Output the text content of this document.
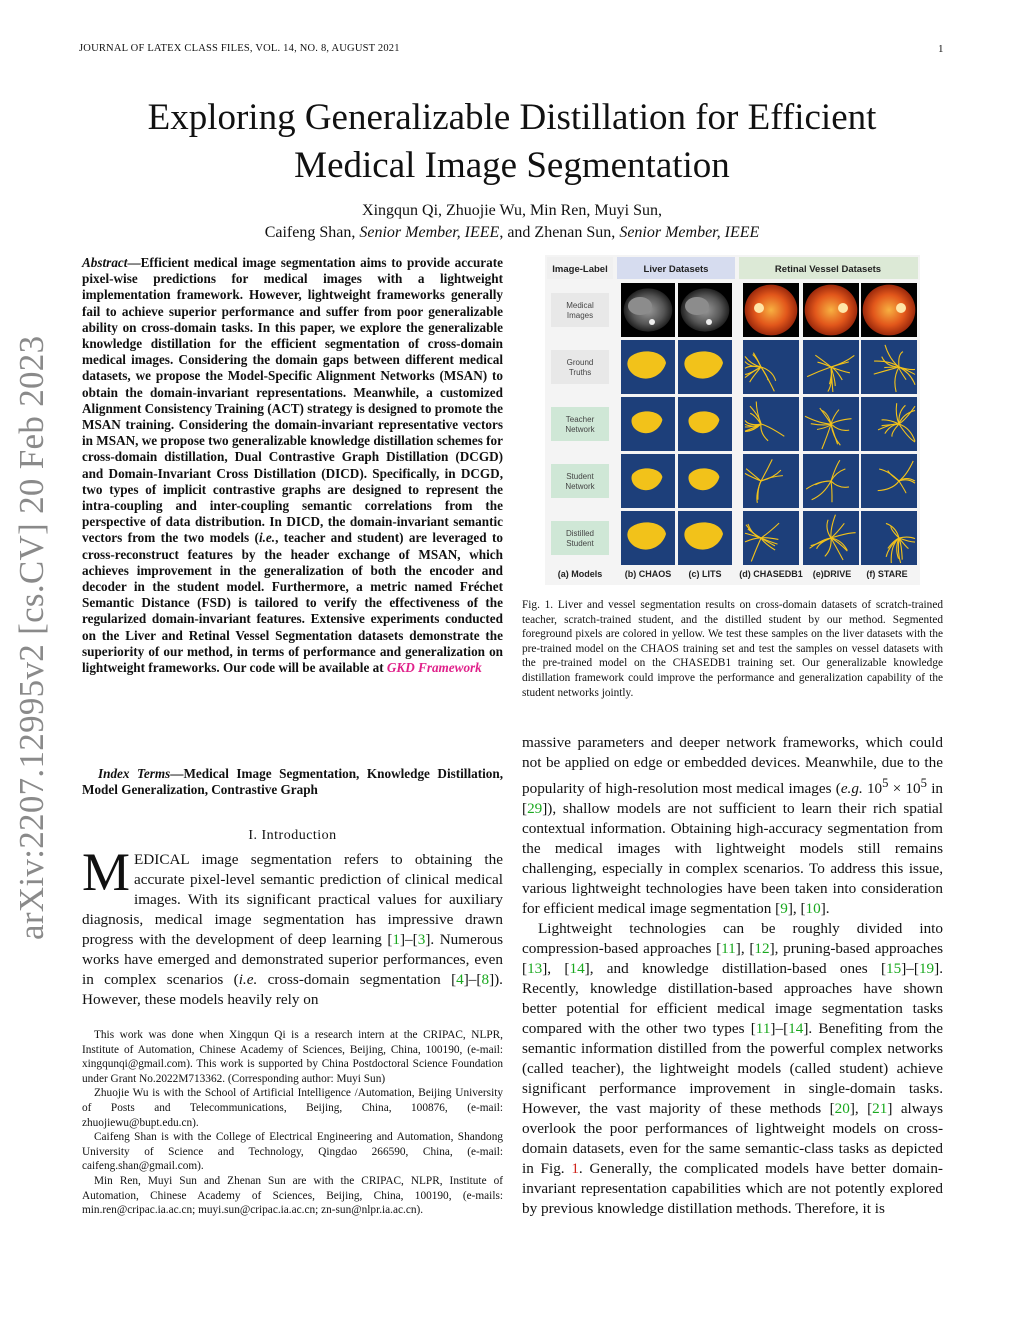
JOURNAL OF LATEX CLASS FILES, VOL. 14, NO. 8, AUGUST 2021	1
arXiv:2207.12995v2 [cs.CV] 20 Feb 2023
Exploring Generalizable Distillation for Efficient
Medical Image Segmentation
Xingqun Qi, Zhuojie Wu, Min Ren, Muyi Sun,
Caifeng Shan, Senior Member, IEEE, and Zhenan Sun, Senior Member, IEEE
Abstract—Efficient medical image segmentation aims to provide accurate pixel-wise predictions for medical images with a lightweight implementation framework. However, lightweight frameworks generally fail to achieve superior performance and suffer from poor generalizable ability on cross-domain tasks. In this paper, we explore the generalizable knowledge distillation for the efficient segmentation of cross-domain medical images. Considering the domain gaps between different medical datasets, we propose the Model-Specific Alignment Networks (MSAN) to obtain the domain-invariant representations. Meanwhile, a customized Alignment Consistency Training (ACT) strategy is designed to promote the MSAN training. Considering the domain-invariant representative vectors in MSAN, we propose two generalizable knowledge distillation schemes for cross-domain distillation, Dual Contrastive Graph Distillation (DCGD) and Domain-Invariant Cross Distillation (DICD). Specifically, in DCGD, two types of implicit contrastive graphs are designed to represent the intra-coupling and inter-coupling semantic correlations from the perspective of data distribution. In DICD, the domain-invariant semantic vectors from the two models (i.e., teacher and student) are leveraged to cross-reconstruct features by the header exchange of MSAN, which achieves improvement in the generalization of both the encoder and decoder in the student model. Furthermore, a metric named Fréchet Semantic Distance (FSD) is tailored to verify the effectiveness of the regularized domain-invariant features. Extensive experiments conducted on the Liver and Retinal Vessel Segmentation datasets demonstrate the superiority of our method, in terms of performance and generalization on lightweight frameworks. Our code will be available at GKD Framework
Index Terms—Medical Image Segmentation, Knowledge Distillation, Model Generalization, Contrastive Graph
I. Introduction
MEDICAL image segmentation refers to obtaining the accurate pixel-level semantic prediction of clinical medical images. With its significant practical values for auxiliary diagnosis, medical image segmentation has impressive drawn progress with the development of deep learning [1]–[3]. Numerous works have emerged and demonstrated superior performances, even in complex scenarios (i.e. cross-domain segmentation [4]–[8]). However, these models heavily rely on

This work was done when Xingqun Qi is a research intern at the CRIPAC, NLPR, Institute of Automation, Chinese Academy of Sciences, Beijing, China, 100190, (e-mail: xingqunqi@gmail.com). This work is supported by China Postdoctoral Science Foundation under Grant No.2022M713362. (Corresponding author: Muyi Sun)

Zhuojie Wu is with the School of Artificial Intelligence /Automation, Beijing University of Posts and Telecommunications, Beijing, China, 100876, (e-mail: zhuojiewu@bupt.edu.cn).

Caifeng Shan is with the College of Electrical Engineering and Automation, Shandong University of Science and Technology, Qingdao 266590, China, (e-mail: caifeng.shan@gmail.com).

Min Ren, Muyi Sun and Zhenan Sun are with the CRIPAC, NLPR, Institute of Automation, Chinese Academy of Sciences, Beijing, China, 100190, (e-mails: min.ren@cripac.ia.ac.cn; muyi.sun@cripac.ia.ac.cn; zn-sun@nlpr.ia.ac.cn).

Image-Label	Liver Datasets	Retinal Vessel Datasets
Medical
Images
Ground
Truths
Teacher
Network
Student
Network
Distilled
Student
(a) Models (b) CHAOS (c) LITS (d) CHASEDB1 (e)DRIVE (f) STARE
Fig. 1. Liver and vessel segmentation results on cross-domain datasets of scratch-trained teacher, scratch-trained student, and the distilled student by our method. Segmented foreground pixels are colored in yellow. We test these samples on the liver datasets with the pre-trained model on the CHAOS training set and test the samples on vessel datasets with the pre-trained model on the CHASEDB1 training set. Our generalizable knowledge distillation framework could improve the performance and generalization capability of the student networks jointly.

massive parameters and deeper network frameworks, which could not be applied on edge or embedded devices. Meanwhile, due to the popularity of high-resolution most medical images (e.g. $10^5 \times 10^5$ in [29]), shallow models are not sufficient to learn their rich spatial contextual information. Obtaining high-accuracy segmentation from the medical images with lightweight models still remains challenging, especially in complex scenarios. To address this issue, various lightweight technologies have been taken into consideration for efficient medical image segmentation [9], [10].

Lightweight technologies can be roughly divided into compression-based approaches [11], [12], pruning-based approaches [13], [14], and knowledge distillation-based ones [15]–[19]. Recently, knowledge distillation-based approaches have shown better potential for efficient medical image segmentation tasks compared with the other two types [11]–[14]. Benefiting from the semantic information distilled from the powerful complex networks (called teacher), the lightweight models (called student) achieve significant performance improvement in single-domain tasks. However, the vast majority of these methods [20], [21] always overlook the poor performances of lightweight models on cross-domain datasets, even for the same semantic-class tasks as depicted in Fig. 1. Generally, the complicated models have better domain-invariant representation capabilities which are not potently explored by previous knowledge distillation methods. Therefore, it is
